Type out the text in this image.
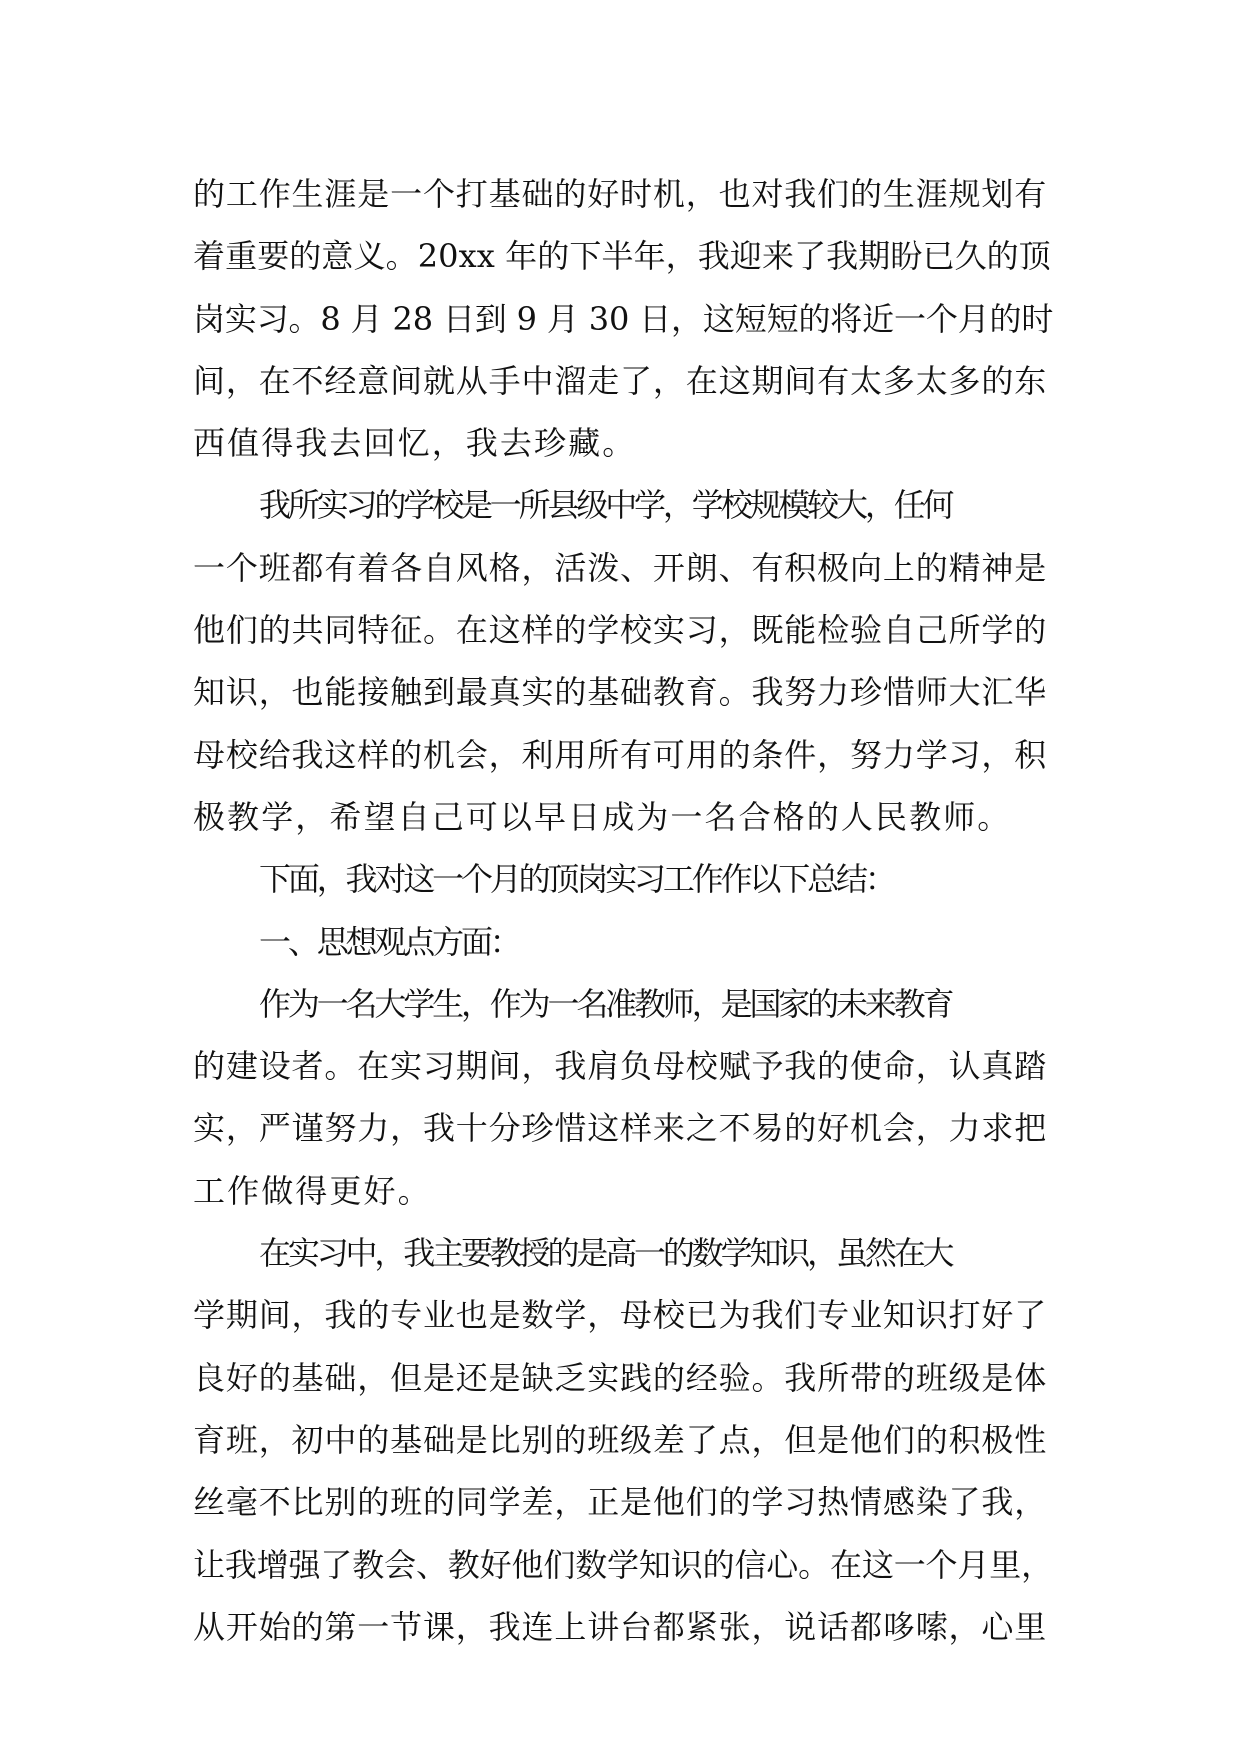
的工作生涯是一个打基础的好时机，也对我们的生涯规划有
着重要的意义。20xx 年的下半年，我迎来了我期盼已久的顶
岗实习。8 月 28 日到 9 月 30 日，这短短的将近一个月的时
间，在不经意间就从手中溜走了，在这期间有太多太多的东
西值得我去回忆，我去珍藏。
我所实习的学校是一所县级中学，学校规模较大，任何
一个班都有着各自风格，活泼、开朗、有积极向上的精神是
他们的共同特征。在这样的学校实习，既能检验自己所学的
知识，也能接触到最真实的基础教育。我努力珍惜师大汇华
母校给我这样的机会，利用所有可用的条件，努力学习，积
极教学，希望自己可以早日成为一名合格的人民教师。
下面，我对这一个月的顶岗实习工作作以下总结：
一、思想观点方面：
作为一名大学生，作为一名准教师，是国家的未来教育
的建设者。在实习期间，我肩负母校赋予我的使命，认真踏
实，严谨努力，我十分珍惜这样来之不易的好机会，力求把
工作做得更好。
在实习中，我主要教授的是高一的数学知识，虽然在大
学期间，我的专业也是数学，母校已为我们专业知识打好了
良好的基础，但是还是缺乏实践的经验。我所带的班级是体
育班，初中的基础是比别的班级差了点，但是他们的积极性
丝毫不比别的班的同学差，正是他们的学习热情感染了我，
让我增强了教会、教好他们数学知识的信心。在这一个月里，
从开始的第一节课，我连上讲台都紧张，说话都哆嗦，心里
